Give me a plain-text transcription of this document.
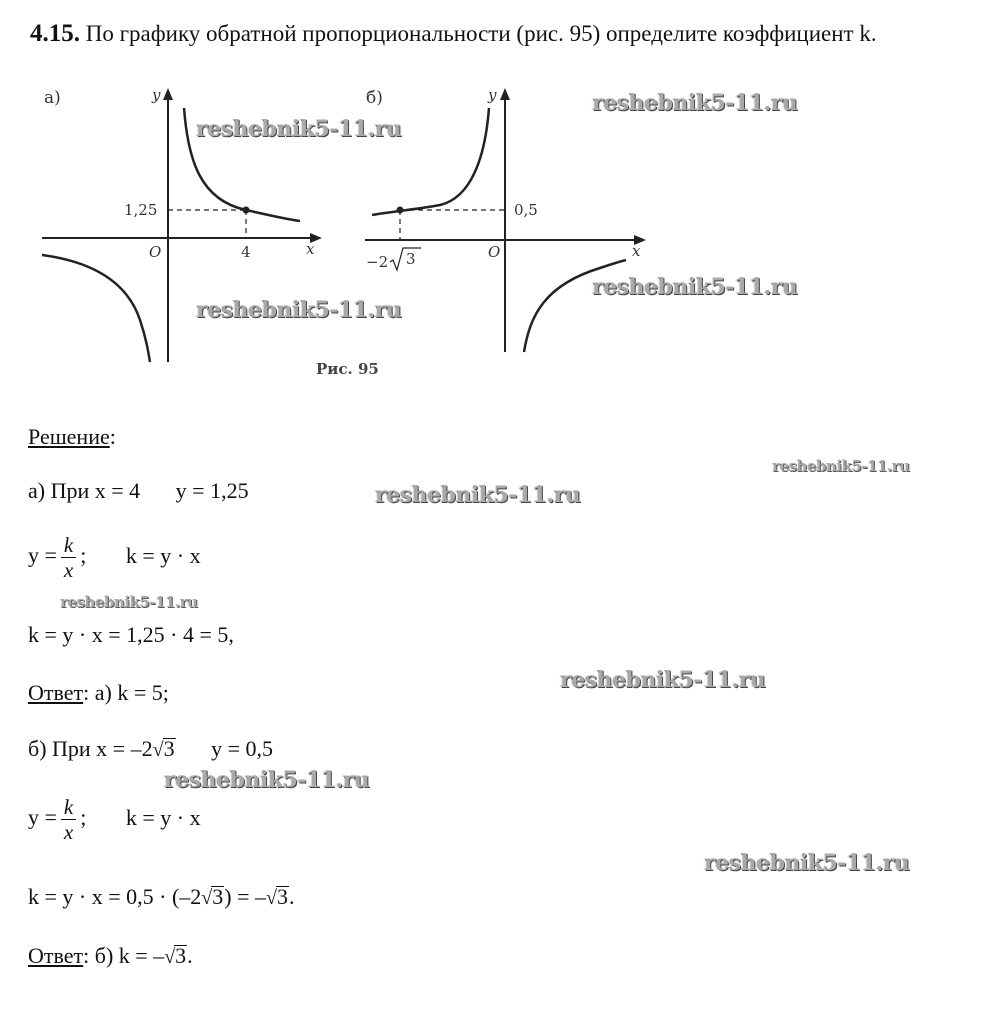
4.15. По графику обратной пропорциональности (рис. 95) определите коэффициент k.
а)	y
x
O
1,25
4
б)	y
x
O
0,5
−2 3
Рис. 95
reshebnik5-11.ru
reshebnik5-11.ru
reshebnik5-11.ru
reshebnik5-11.ru
reshebnik5-11.ru
reshebnik5-11.ru
reshebnik5-11.ru
reshebnik5-11.ru
reshebnik5-11.ru
reshebnik5-11.ru
Решение:
а) При x = 4 y = 1,25
$y = \frac{k}{x}$ ; k = y · x
k = y · x = 1,25 · 4 = 5,
Ответ: а) k = 5;
б) При x = –2√3 y = 0,5
$y = \frac{k}{x}$ ; k = y · x
k = y · x = 0,5 · (–2√3) = –√3.
Ответ: б) k = –√3.
